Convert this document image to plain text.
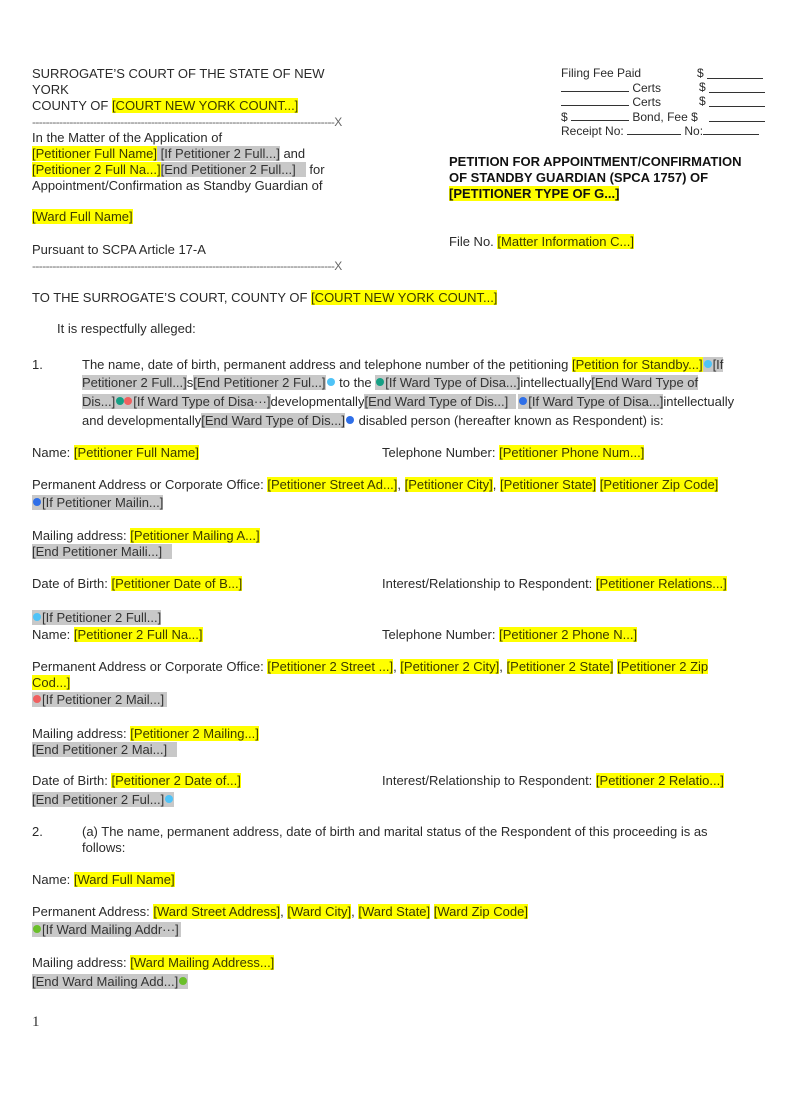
SURROGATE’S COURT OF THE STATE OF NEW
YORK
COUNTY OF [COURT NEW YORK COUNT...]
-----------------------------------------------------------------------------------------X
In the Matter of the Application of
[Petitioner Full Name] [If Petitioner 2 Full...] and
[Petitioner 2 Full Na...][End Petitioner 2 Full...] for
Appointment/Confirmation as Standby Guardian of
[Ward Full Name]
Pursuant to SCPA Article 17-A
-----------------------------------------------------------------------------------------X
Filing Fee Paid	$
Certs	$
Certs	$
$	Bond, Fee $
Receipt No:	No:
PETITION FOR APPOINTMENT/CONFIRMATION
OF STANDBY GUARDIAN (SPCA 1757) OF
[PETITIONER TYPE OF G...]
File No. [Matter Information C...]
TO THE SURROGATE’S COURT, COUNTY OF [COURT NEW YORK COUNT...]
It is respectfully alleged:
1.	The name, date of birth, permanent address and telephone number of the petitioning [Petition for Standby...] [If
Petitioner 2 Full...]s[End Petitioner 2 Ful...] to the [If Ward Type of Disa...]intellectually[End Ward Type of
Dis...] [If Ward Type of Disa···]developmentally[End Ward Type of Dis...] [If Ward Type of Disa...]intellectually
and developmentally[End Ward Type of Dis...] disabled person (hereafter known as Respondent) is:
Name: [Petitioner Full Name]	Telephone Number: [Petitioner Phone Num...]
Permanent Address or Corporate Office: [Petitioner Street Ad...], [Petitioner City], [Petitioner State] [Petitioner Zip Code]
[If Petitioner Mailin...]
Mailing address: [Petitioner Mailing A...]
[End Petitioner Maili...]
Date of Birth: [Petitioner Date of B...]	Interest/Relationship to Respondent: [Petitioner Relations...]
[If Petitioner 2 Full...]
Name: [Petitioner 2 Full Na...]	Telephone Number: [Petitioner 2 Phone N...]
Permanent Address or Corporate Office: [Petitioner 2 Street ...], [Petitioner 2 City], [Petitioner 2 State] [Petitioner 2 Zip
Cod...]
[If Petitioner 2 Mail...]
Mailing address: [Petitioner 2 Mailing...]
[End Petitioner 2 Mai...]
Date of Birth: [Petitioner 2 Date of...]	Interest/Relationship to Respondent: [Petitioner 2 Relatio...]
[End Petitioner 2 Ful...]
2.	(a) The name, permanent address, date of birth and marital status of the Respondent of this proceeding is as
follows:
Name: [Ward Full Name]
Permanent Address: [Ward Street Address], [Ward City], [Ward State] [Ward Zip Code]
[If Ward Mailing Addr···]
Mailing address: [Ward Mailing Address...]
[End Ward Mailing Add...]
1
